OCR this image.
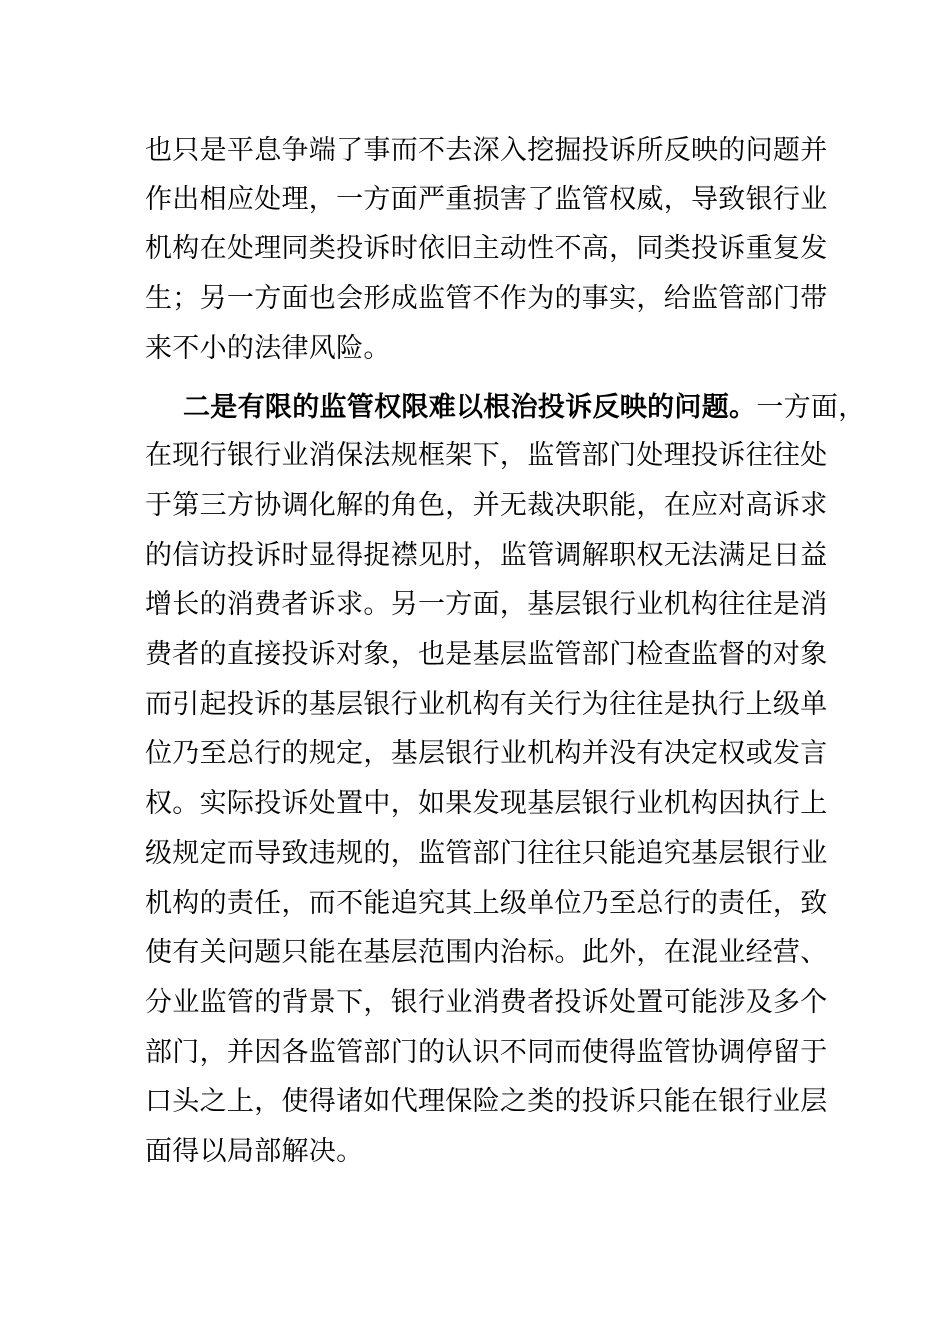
也只是平息争端了事而不去深入挖掘投诉所反映的问题并
作出相应处理，一方面严重损害了监管权威，导致银行业
机构在处理同类投诉时依旧主动性不高，同类投诉重复发
生；另一方面也会形成监管不作为的事实，给监管部门带
来不小的法律风险。
二是有限的监管权限难以根治投诉反映的问题。一方面，
在现行银行业消保法规框架下，监管部门处理投诉往往处
于第三方协调化解的角色，并无裁决职能，在应对高诉求
的信访投诉时显得捉襟见肘，监管调解职权无法满足日益
增长的消费者诉求。另一方面，基层银行业机构往往是消
费者的直接投诉对象，也是基层监管部门检查监督的对象
而引起投诉的基层银行业机构有关行为往往是执行上级单
位乃至总行的规定，基层银行业机构并没有决定权或发言
权。实际投诉处置中，如果发现基层银行业机构因执行上
级规定而导致违规的，监管部门往往只能追究基层银行业
机构的责任，而不能追究其上级单位乃至总行的责任，致
使有关问题只能在基层范围内治标。此外，在混业经营、
分业监管的背景下，银行业消费者投诉处置可能涉及多个
部门，并因各监管部门的认识不同而使得监管协调停留于
口头之上，使得诸如代理保险之类的投诉只能在银行业层
面得以局部解决。
